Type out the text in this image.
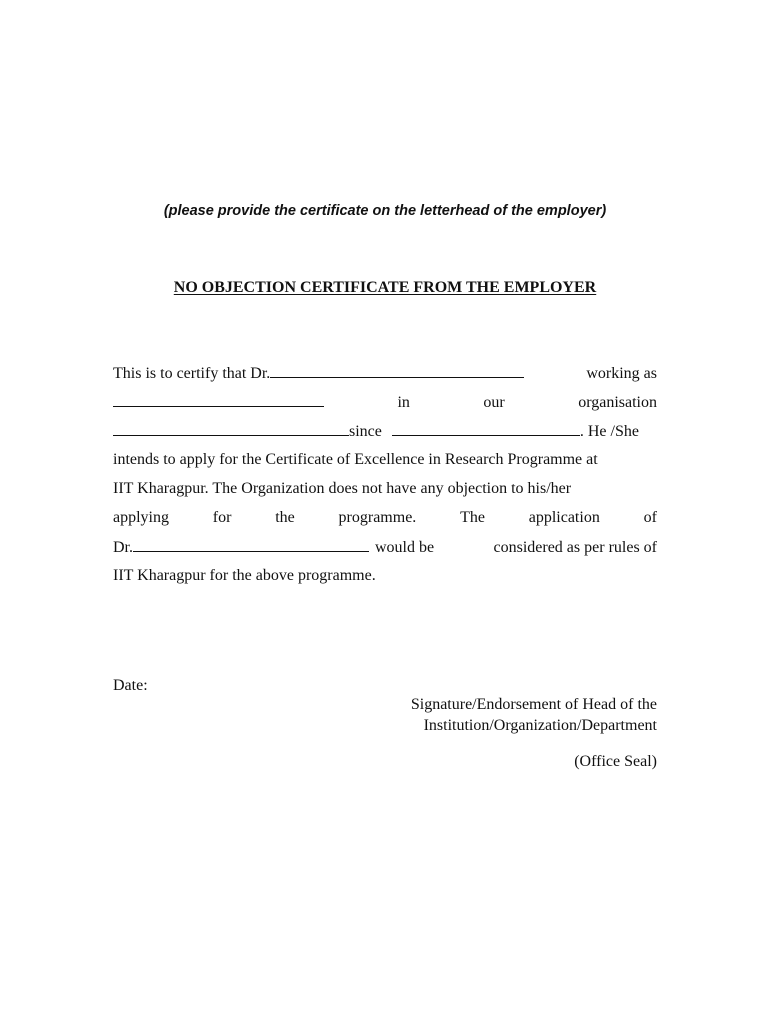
(please provide the certificate on the letterhead of the employer)
NO OBJECTION CERTIFICATE FROM THE EMPLOYER
This is to certify that Dr.	working as
in	our	organisation
since	. He /She
intends to apply for the Certificate of Excellence in Research Programme at
IIT Kharagpur. The Organization does not have any objection to his/her
applying	for	the	programme.	The	application	of
Dr.	would be	considered as per rules of
IIT Kharagpur for the above programme.
Date:
Signature/Endorsement of Head of the
Institution/Organization/Department
(Office Seal)
